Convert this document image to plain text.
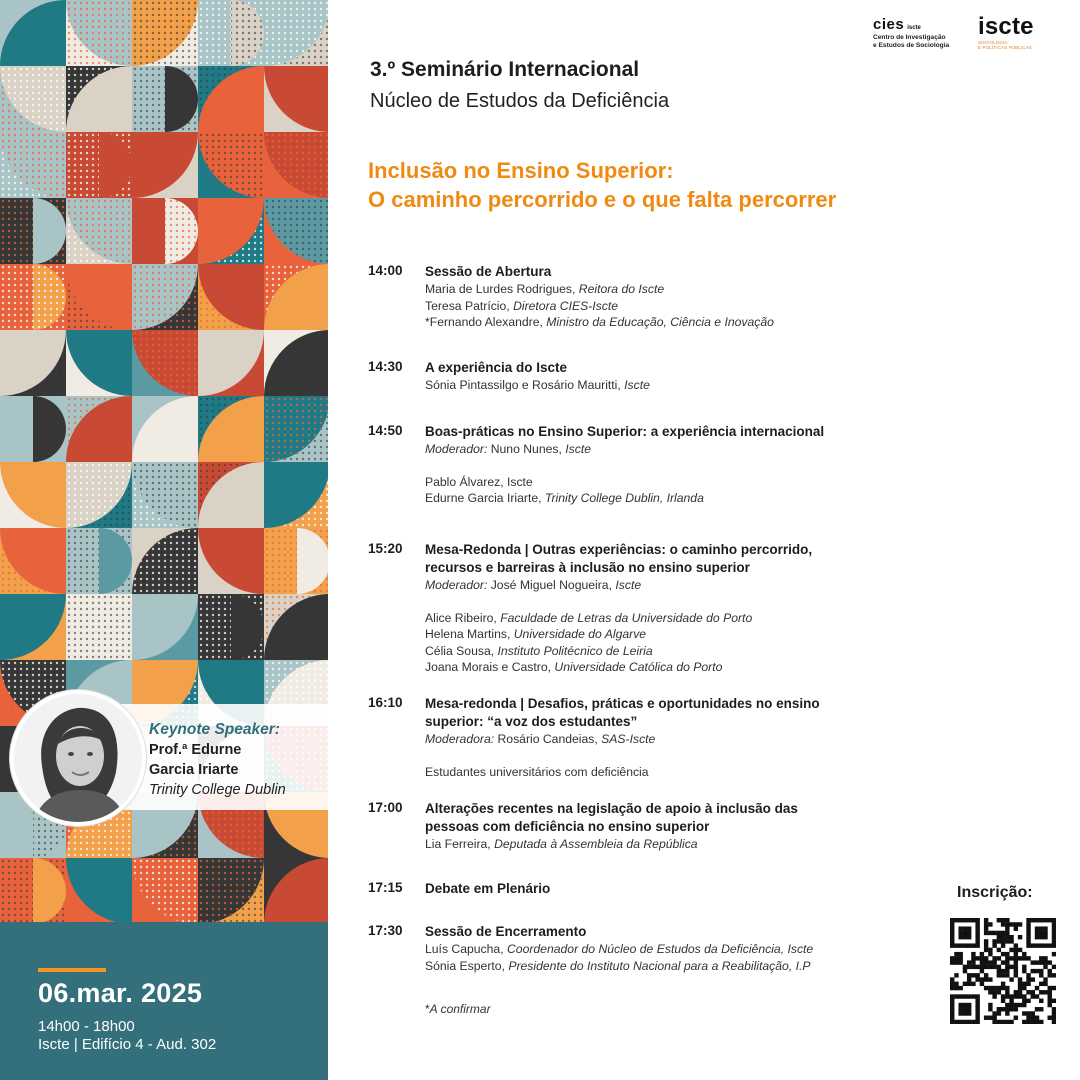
Keynote Speaker:
Prof.ª Edurne
Garcia Iriarte
Trinity College Dublin
06.mar. 2025
14h00 - 18h00
Iscte | Edifício 4 - Aud. 302
cies iscte
Centro de Investigação
e Estudos de Sociologia
iscte
SOCIOLOGIA
E POLÍTICAS PÚBLICAS
3.º Seminário Internacional
Núcleo de Estudos da Deficiência
Inclusão no Ensino Superior:
O caminho percorrido e o que falta percorrer
14:00 Sessão de Abertura
Maria de Lurdes Rodrigues, Reitora do Iscte
Teresa Patrício, Diretora CIES-Iscte
*Fernando Alexandre, Ministro da Educação, Ciência e Inovação
14:30 A experiência do Iscte
Sónia Pintassilgo e Rosário Mauritti, Iscte
14:50 Boas-práticas no Ensino Superior: a experiência internacional
Moderador: Nuno Nunes, Iscte
Pablo Álvarez, Iscte
Edurne Garcia Iriarte, Trinity College Dublin, Irlanda
15:20 Mesa-Redonda | Outras experiências: o caminho percorrido,
recursos e barreiras à inclusão no ensino superior
Moderador: José Miguel Nogueira, Iscte
Alice Ribeiro, Faculdade de Letras da Universidade do Porto
Helena Martins, Universidade do Algarve
Célia Sousa, Instituto Politécnico de Leiria
Joana Morais e Castro, Universidade Católica do Porto
16:10 Mesa-redonda | Desafios, práticas e oportunidades no ensino
superior: “a voz dos estudantes”
Moderadora: Rosário Candeias, SAS-Iscte
Estudantes universitários com deficiência
17:00 Alterações recentes na legislação de apoio à inclusão das
pessoas com deficiência no ensino superior
Lia Ferreira, Deputada à Assembleia da República
17:15 Debate em Plenário
17:30 Sessão de Encerramento
Luís Capucha, Coordenador do Núcleo de Estudos da Deficiência, Iscte
Sónia Esperto, Presidente do Instituto Nacional para a Reabilitação, I.P
*A confirmar
Inscrição:
